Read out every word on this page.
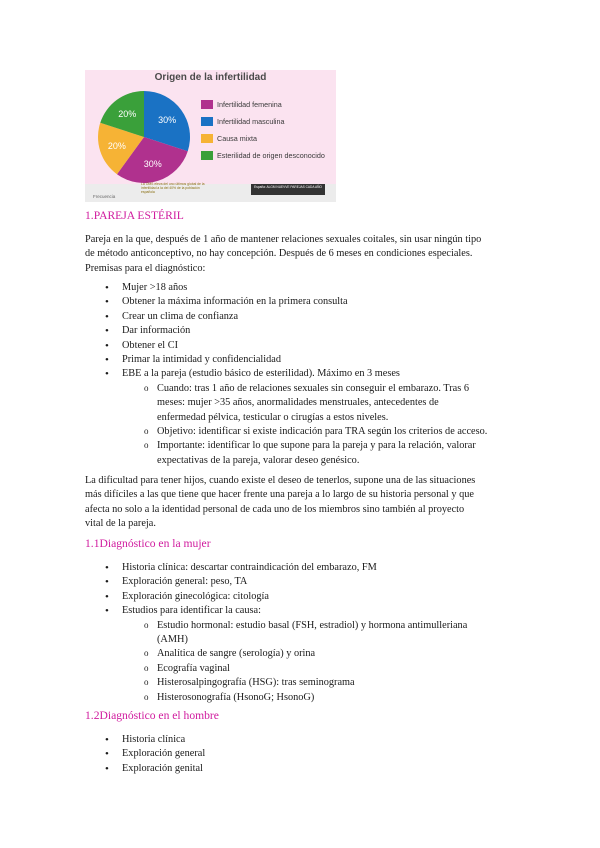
Origen de la infertilidad
30%
30%
20%
20%
Infertilidad femenina
Infertilidad masculina
Causa mixta
Esterilidad de origen desconocido
Frecuencia
La OMS eleva del uno últimos global de la infertilidad a la del 40% de la población española
España: ALGM NUEVVE PAREJAS CADA AÑO
1.PAREJA ESTÉRIL
Pareja en la que, después de 1 año de mantener relaciones sexuales coitales, sin usar ningún tipo
de método anticonceptivo, no hay concepción. Después de 6 meses en condiciones especiales.
Premisas para el diagnóstico:
• Mujer >18 años
• Obtener la máxima información en la primera consulta
• Crear un clima de confianza
• Dar información
• Obtener el CI
• Primar la intimidad y confidencialidad
• EBE a la pareja (estudio básico de esterilidad). Máximo en 3 meses
o Cuando: tras 1 año de relaciones sexuales sin conseguir el embarazo. Tras 6
meses: mujer >35 años, anormalidades menstruales, antecedentes de
enfermedad pélvica, testicular o cirugías a estos niveles.
o Objetivo: identificar si existe indicación para TRA según los criterios de acceso.
o Importante: identificar lo que supone para la pareja y para la relación, valorar
expectativas de la pareja, valorar deseo genésico.
La dificultad para tener hijos, cuando existe el deseo de tenerlos, supone una de las situaciones
más difíciles a las que tiene que hacer frente una pareja a lo largo de su historia personal y que
afecta no solo a la identidad personal de cada uno de los miembros sino también al proyecto
vital de la pareja.
1.1Diagnóstico en la mujer
• Historia clínica: descartar contraindicación del embarazo, FM
• Exploración general: peso, TA
• Exploración ginecológica: citología
• Estudios para identificar la causa:
o Estudio hormonal: estudio basal (FSH, estradiol) y hormona antimulleriana
(AMH)
o Analítica de sangre (serología) y orina
o Ecografía vaginal
o Histerosalpingografía (HSG): tras seminograma
o Histerosonografía (HsonoG; HsonoG)
1.2Diagnóstico en el hombre
• Historia clínica
• Exploración general
• Exploración genital
